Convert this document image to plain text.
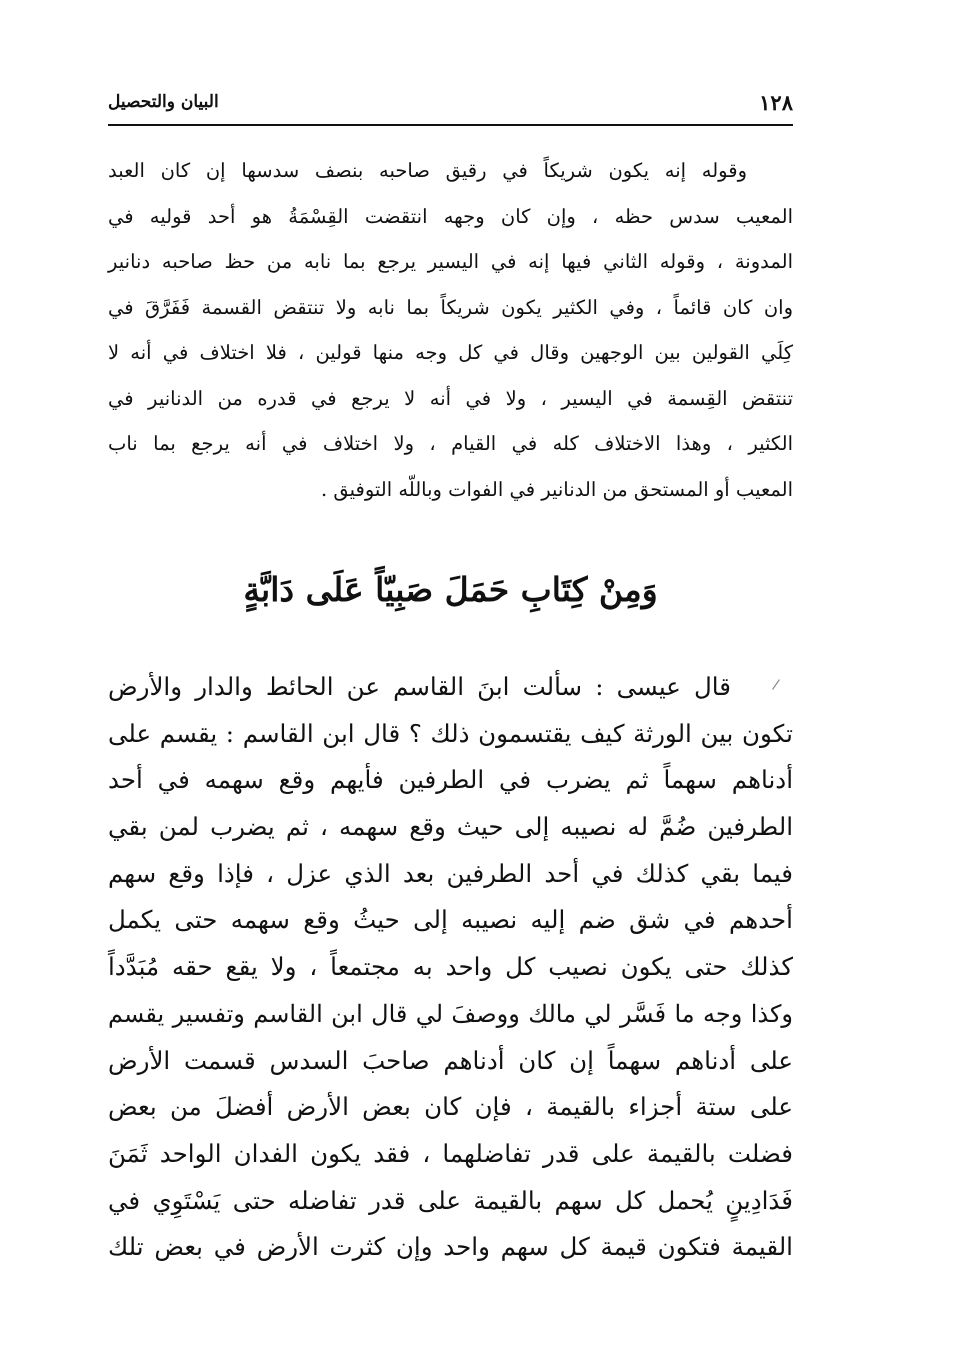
١٢٨
البيان والتحصيل
وقوله إنه يكون شريكاً في رقيق صاحبه بنصف سدسها إن كان العبد
المعيب سدس حظه ، وإن كان وجهه انتقضت القِسْمَةُ هو أحد قوليه في
المدونة ، وقوله الثاني فيها إنه في اليسير يرجع بما نابه من حظ صاحبه دنانير
وان كان قائماً ، وفي الكثير يكون شريكاً بما نابه ولا تنتقض القسمة فَفَرَّقَ في
كِلَي القولين بين الوجهين وقال في كل وجه منها قولين ، فلا اختلاف في أنه لا
تنتقض القِسمة في اليسير ، ولا في أنه لا يرجع في قدره من الدنانير في
الكثير ، وهذا الاختلاف كله في القيام ، ولا اختلاف في أنه يرجع بما ناب
المعيب أو المستحق من الدنانير في الفوات وباللّه التوفيق .
وَمِنْ كِتَابِ حَمَلَ صَبِيّاً عَلَى دَابَّةٍ
قال عيسى : سألت ابنَ القاسم عن الحائط والدار والأرض
تكون بين الورثة كيف يقتسمون ذلك ؟ قال ابن القاسم : يقسم على
أدناهم سهماً ثم يضرب في الطرفين فأيهم وقع سهمه في أحد
الطرفين ضُمَّ له نصيبه إلى حيث وقع سهمه ، ثم يضرب لمن بقي
فيما بقي كذلك في أحد الطرفين بعد الذي عزل ، فإذا وقع سهم
أحدهم في شق ضم إليه نصيبه إلى حيثُ وقع سهمه حتى يكمل
كذلك حتى يكون نصيب كل واحد به مجتمعاً ، ولا يقع حقه مُبَدَّداً
وكذا وجه ما فَسَّر لي مالك ووصفَ لي قال ابن القاسم وتفسير يقسم
على أدناهم سهماً إن كان أدناهم صاحبَ السدس قسمت الأرض
على ستة أجزاء بالقيمة ، فإن كان بعض الأرض أفضلَ من بعض
فضلت بالقيمة على قدر تفاضلهما ، فقد يكون الفدان الواحد ثَمَنَ
فَدَادِينٍ يُحمل كل سهم بالقيمة على قدر تفاضله حتى يَسْتَوِي في
القيمة فتكون قيمة كل سهم واحد وإن كثرت الأرض في بعض تلك
